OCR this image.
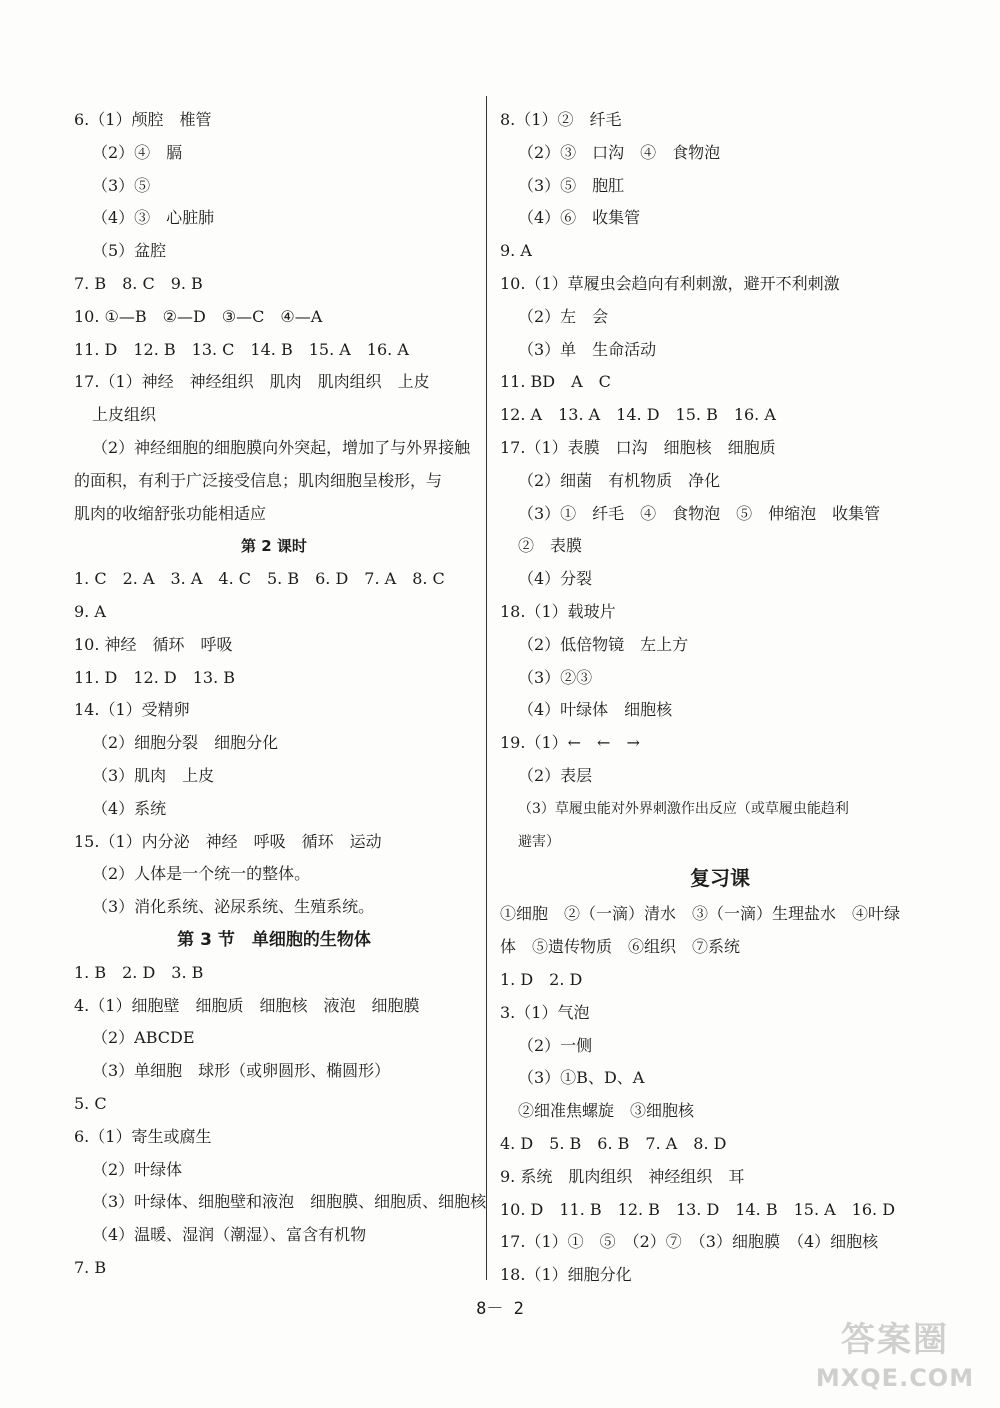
6.（1）颅腔　椎管
（2）④　膈
（3）⑤
（4）③　心脏肺
（5）盆腔
7. B　8. C　9. B
10. ①—B　②—D　③—C　④—A
11. D　12. B　13. C　14. B　15. A　16. A
17.（1）神经　神经组织　肌肉　肌肉组织　上皮
上皮组织
（2）神经细胞的细胞膜向外突起，增加了与外界接触
的面积，有利于广泛接受信息；肌肉细胞呈梭形，与
肌肉的收缩舒张功能相适应
第 2 课时
1. C　2. A　3. A　4. C　5. B　6. D　7. A　8. C
9. A
10. 神经　循环　呼吸
11. D　12. D　13. B
14.（1）受精卵
（2）细胞分裂　细胞分化
（3）肌肉　上皮
（4）系统
15.（1）内分泌　神经　呼吸　循环　运动
（2）人体是一个统一的整体。
（3）消化系统、泌尿系统、生殖系统。
第 3 节　单细胞的生物体
1. B　2. D　3. B
4.（1）细胞壁　细胞质　细胞核　液泡　细胞膜
（2）ABCDE
（3）单细胞　球形（或卵圆形、椭圆形）
5. C
6.（1）寄生或腐生
（2）叶绿体
（3）叶绿体、细胞壁和液泡　细胞膜、细胞质、细胞核
（4）温暖、湿润（潮湿）、富含有机物
7. B
8.（1）②　纤毛
（2）③　口沟　④　食物泡
（3）⑤　胞肛
（4）⑥　收集管
9. A
10.（1）草履虫会趋向有利刺激，避开不利刺激
（2）左　会
（3）单　生命活动
11. BD　A　C
12. A　13. A　14. D　15. B　16. A
17.（1）表膜　口沟　细胞核　细胞质
（2）细菌　有机物质　净化
（3）①　纤毛　④　食物泡　⑤　伸缩泡　收集管
②　表膜
（4）分裂
18.（1）载玻片
（2）低倍物镜　左上方
（3）②③
（4）叶绿体　细胞核
19.（1）←　←　→
（2）表层
（3）草履虫能对外界刺激作出反应（或草履虫能趋利
避害）
复习课
①细胞　②（一滴）清水　③（一滴）生理盐水　④叶绿
体　⑤遗传物质　⑥组织　⑦系统
1. D　2. D
3.（1）气泡
（2）一侧
（3）①B、D、A
②细准焦螺旋　③细胞核
4. D　5. B　6. B　7. A　8. D
9. 系统　肌肉组织　神经组织　耳
10. D　11. B　12. B　13. D　14. B　15. A　16. D
17.（1）①　⑤　（2）⑦　（3）细胞膜　（4）细胞核
18.（1）细胞分化
8－ 2
答案圈
MXQE.COM
